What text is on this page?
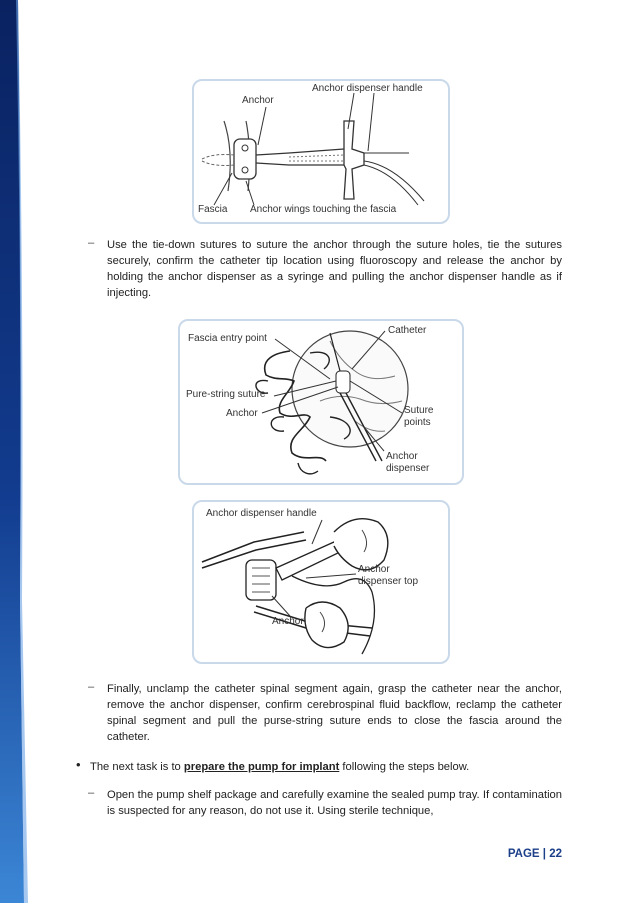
Anchor
Anchor dispenser handle
Fascia Anchor wings touching the fascia
– Use the tie-down sutures to suture the anchor through the suture holes, tie the sutures securely, confirm the catheter tip location using fluoroscopy and release the anchor by holding the anchor dispenser as a syringe and pulling the anchor dispenser handle as if injecting.

Fascia entry point
Catheter
Pure-string suture
Anchor	Suture
points
Anchor
dispenser
Anchor dispenser handle
Anchor
dispenser top
Anchor
– Finally, unclamp the catheter spinal segment again, grasp the catheter near the anchor, remove the anchor dispenser, confirm cerebrospinal fluid backflow, reclamp the catheter spinal segment and pull the purse-string suture ends to close the fascia around the catheter.

• The next task is to prepare the pump for implant following the steps below.

– Open the pump shelf package and carefully examine the sealed pump tray. If contamination is suspected for any reason, do not use it. Using sterile technique,

PAGE | 22
